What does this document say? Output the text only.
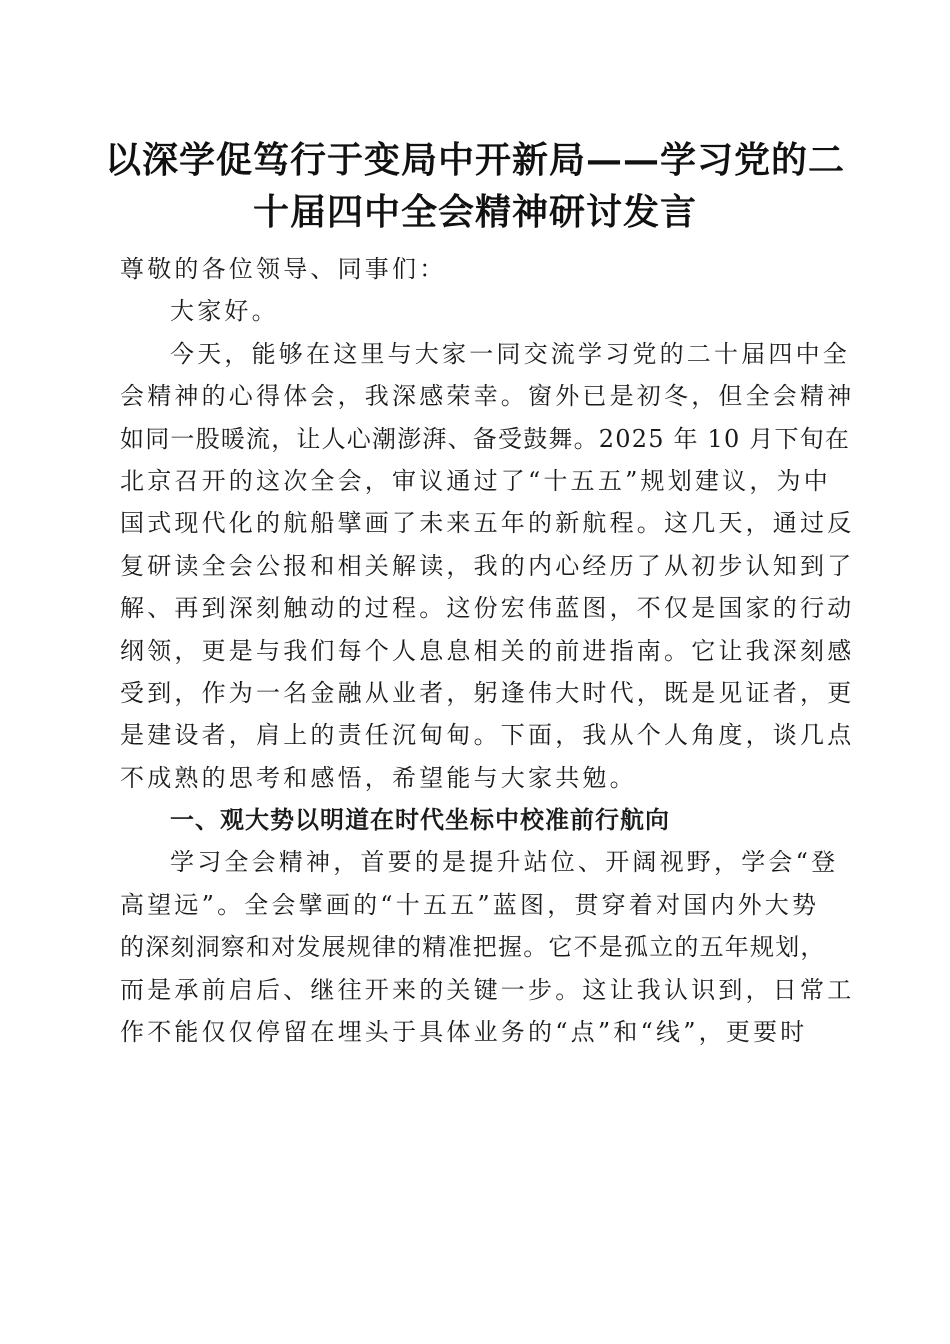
以深学促笃行于变局中开新局——学习党的二
十届四中全会精神研讨发言
尊敬的各位领导、同事们：
大家好。
今天，能够在这里与大家一同交流学习党的二十届四中全
会精神的心得体会，我深感荣幸。窗外已是初冬，但全会精神
如同一股暖流，让人心潮澎湃、备受鼓舞。2025 年 10 月下旬在
北京召开的这次全会，审议通过了“十五五”规划建议，为中
国式现代化的航船擘画了未来五年的新航程。这几天，通过反
复研读全会公报和相关解读，我的内心经历了从初步认知到了
解、再到深刻触动的过程。这份宏伟蓝图，不仅是国家的行动
纲领，更是与我们每个人息息相关的前进指南。它让我深刻感
受到，作为一名金融从业者，躬逢伟大时代，既是见证者，更
是建设者，肩上的责任沉甸甸。下面，我从个人角度，谈几点
不成熟的思考和感悟，希望能与大家共勉。
一、观大势以明道在时代坐标中校准前行航向
学习全会精神，首要的是提升站位、开阔视野，学会“登
高望远”。全会擘画的“十五五”蓝图，贯穿着对国内外大势
的深刻洞察和对发展规律的精准把握。它不是孤立的五年规划，
而是承前启后、继往开来的关键一步。这让我认识到，日常工
作不能仅仅停留在埋头于具体业务的“点”和“线”，更要时
